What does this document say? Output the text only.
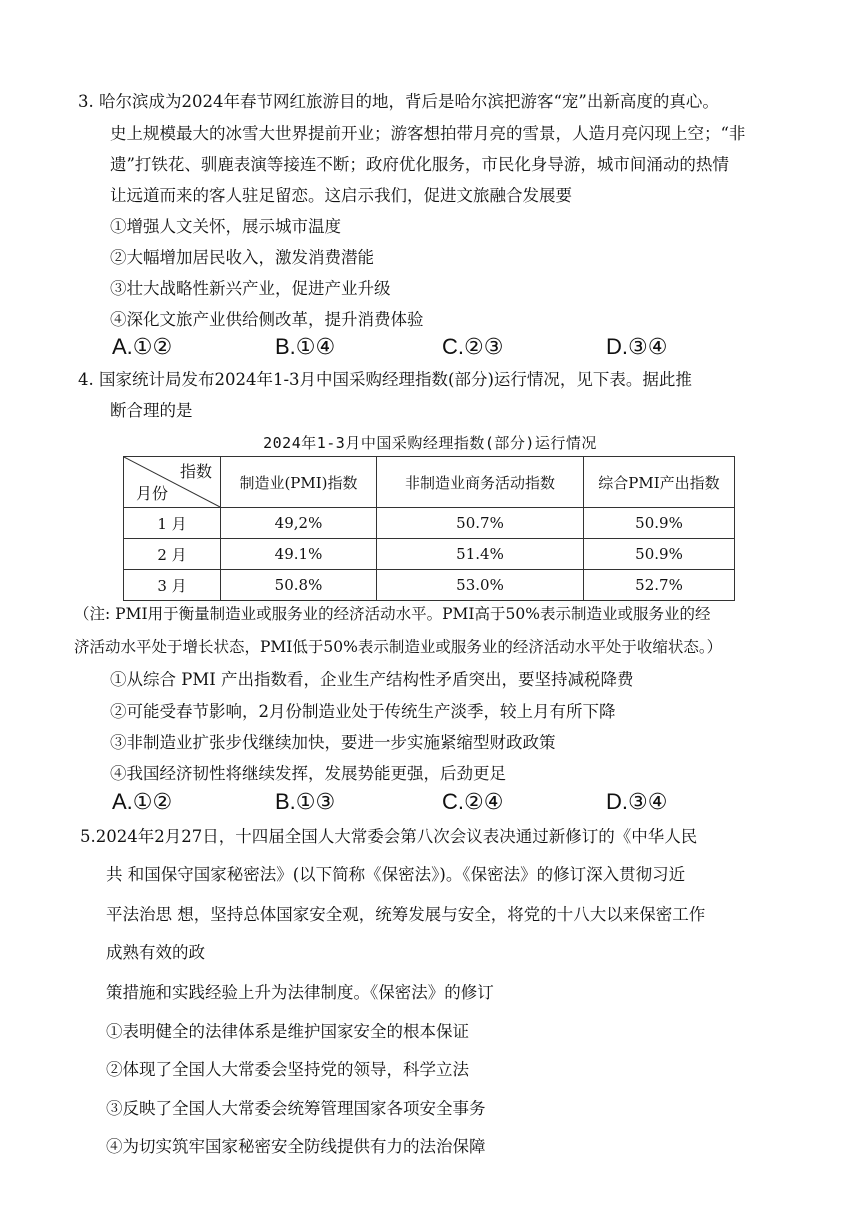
3. 哈尔滨成为2024年春节网红旅游目的地，背后是哈尔滨把游客“宠”出新高度的真心。
史上规模最大的冰雪大世界提前开业；游客想拍带月亮的雪景，人造月亮闪现上空；“非
遗”打铁花、驯鹿表演等接连不断；政府优化服务，市民化身导游，城市间涌动的热情
让远道而来的客人驻足留恋。这启示我们，促进文旅融合发展要
①增强人文关怀，展示城市温度
②大幅增加居民收入，激发消费潜能
③壮大战略性新兴产业，促进产业升级
④深化文旅产业供给侧改革，提升消费体验
A.①②	B.①④	C.②③	D.③④
4. 国家统计局发布2024年1-3月中国采购经理指数(部分)运行情况，见下表。据此推
断合理的是
2024年1-3月中国采购经理指数(部分)运行情况
指数
月份	制造业(PMI)指数	非制造业商务活动指数	综合PMI产出指数
1 月	49,2%	50.7%	50.9%
2 月	49.1%	51.4%	50.9%
3 月	50.8%	53.0%	52.7%
（注: PMI用于衡量制造业或服务业的经济活动水平。PMI高于50%表示制造业或服务业的经
济活动水平处于增长状态，PMI低于50%表示制造业或服务业的经济活动水平处于收缩状态。）
①从综合 PMI 产出指数看，企业生产结构性矛盾突出，要坚持减税降费
②可能受春节影响，2月份制造业处于传统生产淡季，较上月有所下降
③非制造业扩张步伐继续加快，要进一步实施紧缩型财政政策
④我国经济韧性将继续发挥，发展势能更强，后劲更足
A.①②	B.①③	C.②④	D.③④
5.2024年2月27日，十四届全国人大常委会第八次会议表决通过新修订的《中华人民
共 和国保守国家秘密法》(以下简称《保密法》)。《保密法》的修订深入贯彻习近
平法治思 想，坚持总体国家安全观，统筹发展与安全，将党的十八大以来保密工作
成熟有效的政
策措施和实践经验上升为法律制度。《保密法》的修订
①表明健全的法律体系是维护国家安全的根本保证
②体现了全国人大常委会坚持党的领导，科学立法
③反映了全国人大常委会统筹管理国家各项安全事务
④为切实筑牢国家秘密安全防线提供有力的法治保障
